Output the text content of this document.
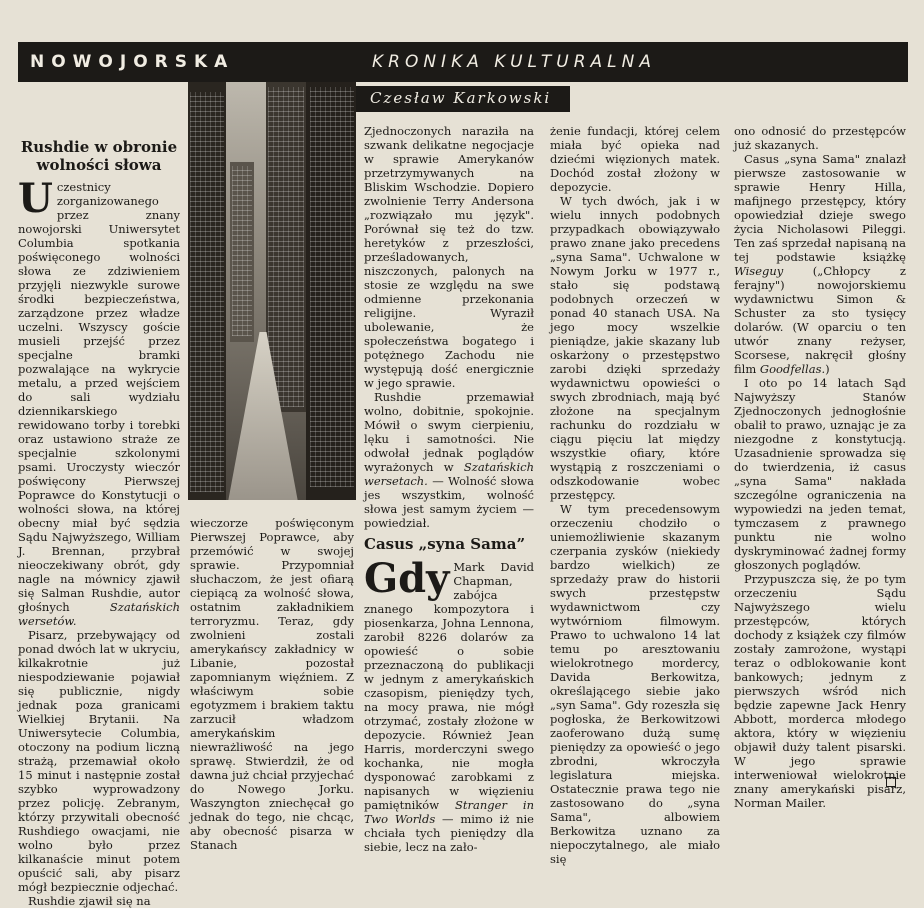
NOWOJORSKA	KRONIKA KULTURALNA
Czesław Karkowski
Rushdie w obronie wolności słowa

Uczestnicy zorganizowanego przez znany nowojorski Uniwersytet Columbia spotkania poświęconego wolności słowa ze zdziwieniem przyjęli niezwykle surowe środki bezpieczeństwa, zarządzone przez władze uczelni. Wszyscy goście musieli przejść przez specjalne bramki pozwalające na wykrycie metalu, a przed wejściem do sali wydziału dziennikarskiego rewidowano torby i torebki oraz ustawiono straże ze specjalnie szkolonymi psami. Uroczysty wieczór poświęcony Pierwszej Poprawce do Konstytucji o wolności słowa, na której obecny miał być sędzia Sądu Najwyższego, William J. Brennan, przybrał nieoczekiwany obrót, gdy nagle na mównicy zjawił się Salman Rushdie, autor głośnych Szatańskich wersetów.

Pisarz, przebywający od ponad dwóch lat w ukryciu, kilkakrotnie już niespodziewanie pojawiał się publicznie, nigdy jednak poza granicami Wielkiej Brytanii. Na Uniwersytecie Columbia, otoczony na podium liczną strażą, przemawiał około 15 minut i następnie został szybko wyprowadzony przez policję. Zebranym, którzy przywitali obecność Rushdiego owacjami, nie wolno było przez kilkanaście minut potem opuścić sali, aby pisarz mógł bezpiecznie odjechać.

Rushdie zjawił się na

wieczorze poświęconym Pierwszej Poprawce, aby przemówić w swojej sprawie. Przypomniał słuchaczom, że jest ofiarą ciepiącą za wolność słowa, ostatnim zakładnikiem terroryzmu. Teraz, gdy zwolnieni zostali amerykańscy zakładnicy w Libanie, pozostał zapomnianym więźniem. Z właściwym sobie egotyzmem i brakiem taktu zarzucił władzom amerykańskim niewrażliwość na jego sprawę. Stwierdził, że od dawna już chciał przyjechać do Nowego Jorku. Waszyngton zniechęcał go jednak do tego, nie chcąc, aby obecność pisarza w Stanach

Zjednoczonych naraziła na szwank delikatne negocjacje w sprawie Amerykanów przetrzymywanych na Bliskim Wschodzie. Dopiero zwolnienie Terry Andersona „rozwiązało mu język". Porównał się też do tzw. heretyków z przeszłości, prześladowanych, niszczonych, palonych na stosie ze względu na swe odmienne przekonania religijne. Wyraził ubolewanie, że społeczeństwa bogatego i potężnego Zachodu nie występują dość energicznie w jego sprawie.

Rushdie przemawiał wolno, dobitnie, spokojnie. Mówił o swym cierpieniu, lęku i samotności. Nie odwołał jednak poglądów wyrażonych w Szatańskich wersetach. — Wolność słowa jes wszystkim, wolność słowa jest samym życiem — powiedział.

Casus „syna Sama”

Gdy Mark David Chapman, zabójca znanego kompozytora i piosenkarza, Johna Lennona, zarobił 8226 dolarów za opowieść o sobie przeznaczoną do publikacji w jednym z amerykańskich czasopism, pieniędzy tych, na mocy prawa, nie mógł otrzymać, zostały złożone w depozycie. Również Jean Harris, morderczyni swego kochanka, nie mogła dysponować zarobkami z napisanych w więzieniu pamiętników Stranger in Two Worlds — mimo iż nie chciała tych pieniędzy dla siebie, lecz na zało-

żenie fundacji, której celem miała być opieka nad dziećmi więzionych matek. Dochód został złożony w depozycie.

W tych dwóch, jak i w wielu innych podobnych przypadkach obowiązywało prawo znane jako precedens „syna Sama". Uchwalone w Nowym Jorku w 1977 r., stało się podstawą podobnych orzeczeń w ponad 40 stanach USA. Na jego mocy wszelkie pieniądze, jakie skazany lub oskarżony o przestępstwo zarobi dzięki sprzedaży wydawnictwu opowieści o swych zbrodniach, mają być złożone na specjalnym rachunku do rozdziału w ciągu pięciu lat między wszystkie ofiary, które wystąpią z roszczeniami o odszkodowanie wobec przestępcy.

W tym precedensowym orzeczeniu chodziło o uniemożliwienie skazanym czerpania zysków (niekiedy bardzo wielkich) ze sprzedaży praw do historii swych przestępstw wydawnictwom czy wytwórniom filmowym. Prawo to uchwalono 14 lat temu po aresztowaniu wielokrotnego mordercy, Davida Berkowitza, określającego siebie jako „syn Sama". Gdy rozeszła się pogłoska, że Berkowitzowi zaoferowano dużą sumę pieniędzy za opowieść o jego zbrodni, wkroczyła legislatura miejska. Ostatecznie prawa tego nie zastosowano do „syna Sama", albowiem Berkowitza uznano za niepoczytalnego, ale miało się

ono odnosić do przestępców już skazanych.

Casus „syna Sama" znalazł pierwsze zastosowanie w sprawie Henry Hilla, mafijnego przestępcy, który opowiedział dzieje swego życia Nicholasowi Pileggi. Ten zaś sprzedał napisaną na tej podstawie książkę Wiseguy („Chłopcy z ferajny") nowojorskiemu wydawnictwu Simon & Schuster za sto tysięcy dolarów. (W oparciu o ten utwór znany reżyser, Scorsese, nakręcił głośny film Goodfellas.)

I oto po 14 latach Sąd Najwyższy Stanów Zjednoczonych jednogłośnie obalił to prawo, uznając je za niezgodne z konstytucją. Uzasadnienie sprowadza się do twierdzenia, iż casus „syna Sama" nakłada szczególne ograniczenia na wypowiedzi na jeden temat, tymczasem z prawnego punktu nie wolno dyskryminować żadnej formy głoszonych poglądów.

Przypuszcza się, że po tym orzeczeniu Sądu Najwyższego wielu przestępców, których dochody z książek czy filmów zostały zamrożone, wystąpi teraz o odblokowanie kont bankowych; jednym z pierwszych wśród nich będzie zapewne Jack Henry Abbott, morderca młodego aktora, który w więzieniu objawił duży talent pisarski. W jego sprawie interweniował wielokrotnie znany amerykański pisarz, Norman Mailer.
